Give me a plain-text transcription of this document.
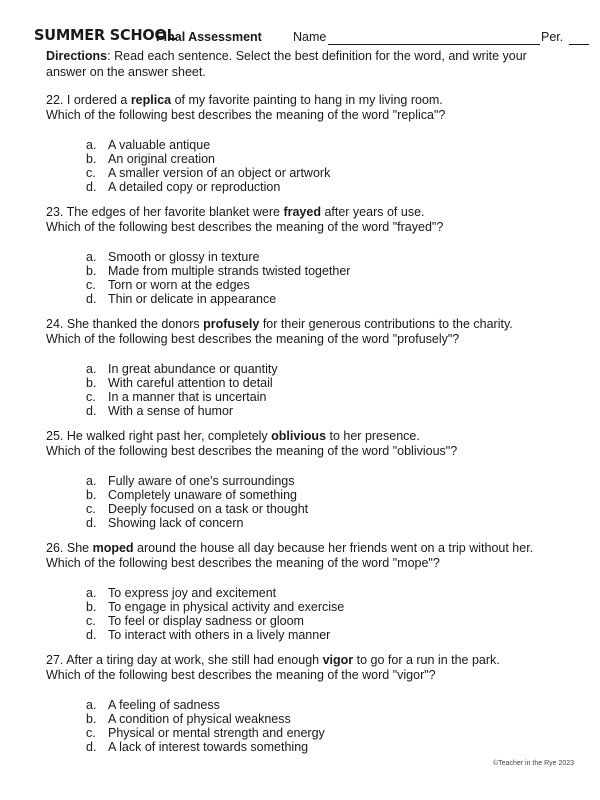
SUMMER SCHOOL
Final Assessment Name	Per.
Directions: Read each sentence. Select the best definition for the word, and write your answer on the answer sheet.
22. I ordered a replica of my favorite painting to hang in my living room.
Which of the following best describes the meaning of the word "replica"?
a. A valuable antique
b. An original creation
c. A smaller version of an object or artwork
d. A detailed copy or reproduction
23. The edges of her favorite blanket were frayed after years of use.
Which of the following best describes the meaning of the word "frayed"?
a. Smooth or glossy in texture
b. Made from multiple strands twisted together
c. Torn or worn at the edges
d. Thin or delicate in appearance
24. She thanked the donors profusely for their generous contributions to the charity.
Which of the following best describes the meaning of the word "profusely"?
a. In great abundance or quantity
b. With careful attention to detail
c. In a manner that is uncertain
d. With a sense of humor
25. He walked right past her, completely oblivious to her presence.
Which of the following best describes the meaning of the word "oblivious"?
a. Fully aware of one's surroundings
b. Completely unaware of something
c. Deeply focused on a task or thought
d. Showing lack of concern
26. She moped around the house all day because her friends went on a trip without her.
Which of the following best describes the meaning of the word "mope"?
a. To express joy and excitement
b. To engage in physical activity and exercise
c. To feel or display sadness or gloom
d. To interact with others in a lively manner
27. After a tiring day at work, she still had enough vigor to go for a run in the park.
Which of the following best describes the meaning of the word "vigor"?
a. A feeling of sadness
b. A condition of physical weakness
c. Physical or mental strength and energy
d. A lack of interest towards something
©Teacher in the Rye 2023
